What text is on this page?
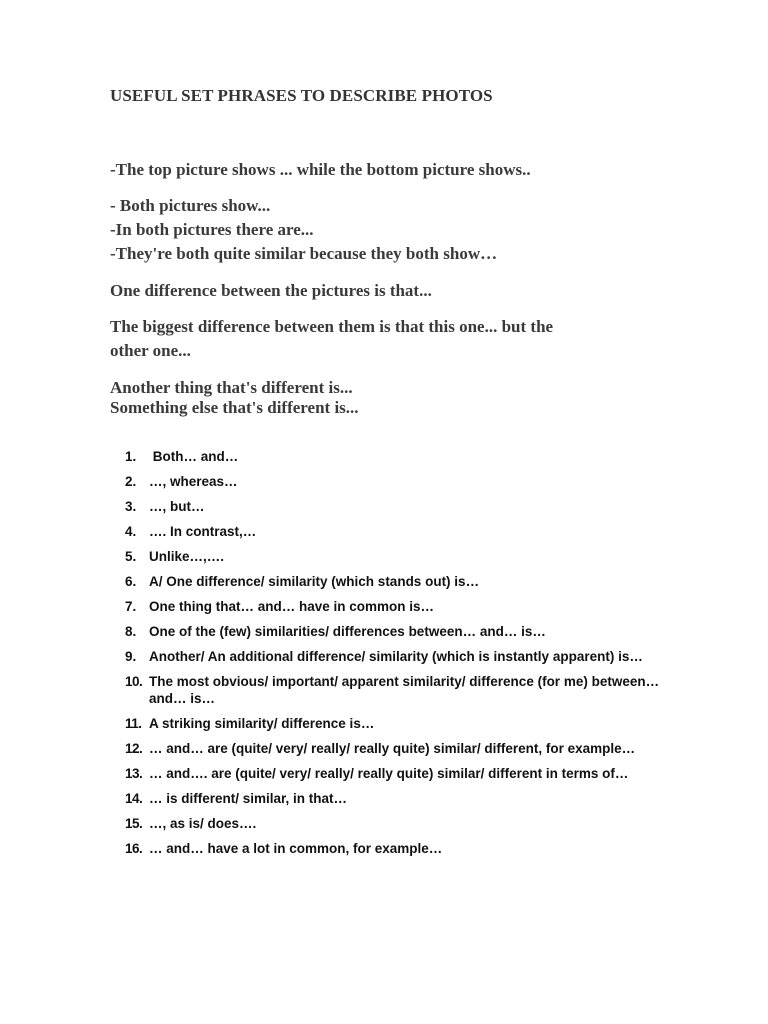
USEFUL SET PHRASES TO DESCRIBE PHOTOS
-The top picture shows ... while the bottom picture shows..
- Both pictures show...
-In both pictures there are...
-They're both quite similar because they both show…
One difference between the pictures is that...
The biggest difference between them is that this one... but the
other one...
Another thing that's different is...
Something else that's different is...
1. Both… and…
2. …, whereas…
3. …, but…
4. …. In contrast,…
5. Unlike…,….
6. A/ One difference/ similarity (which stands out) is…
7. One thing that… and… have in common is…
8. One of the (few) similarities/ differences between… and… is…
9. Another/ An additional difference/ similarity (which is instantly apparent) is…
10. The most obvious/ important/ apparent similarity/ difference (for me) between… and… is…
11. A striking similarity/ difference is…
12. … and… are (quite/ very/ really/ really quite) similar/ different, for example…
13. … and…. are (quite/ very/ really/ really quite) similar/ different in terms of…
14. … is different/ similar, in that…
15. …, as is/ does….
16. … and… have a lot in common, for example…
